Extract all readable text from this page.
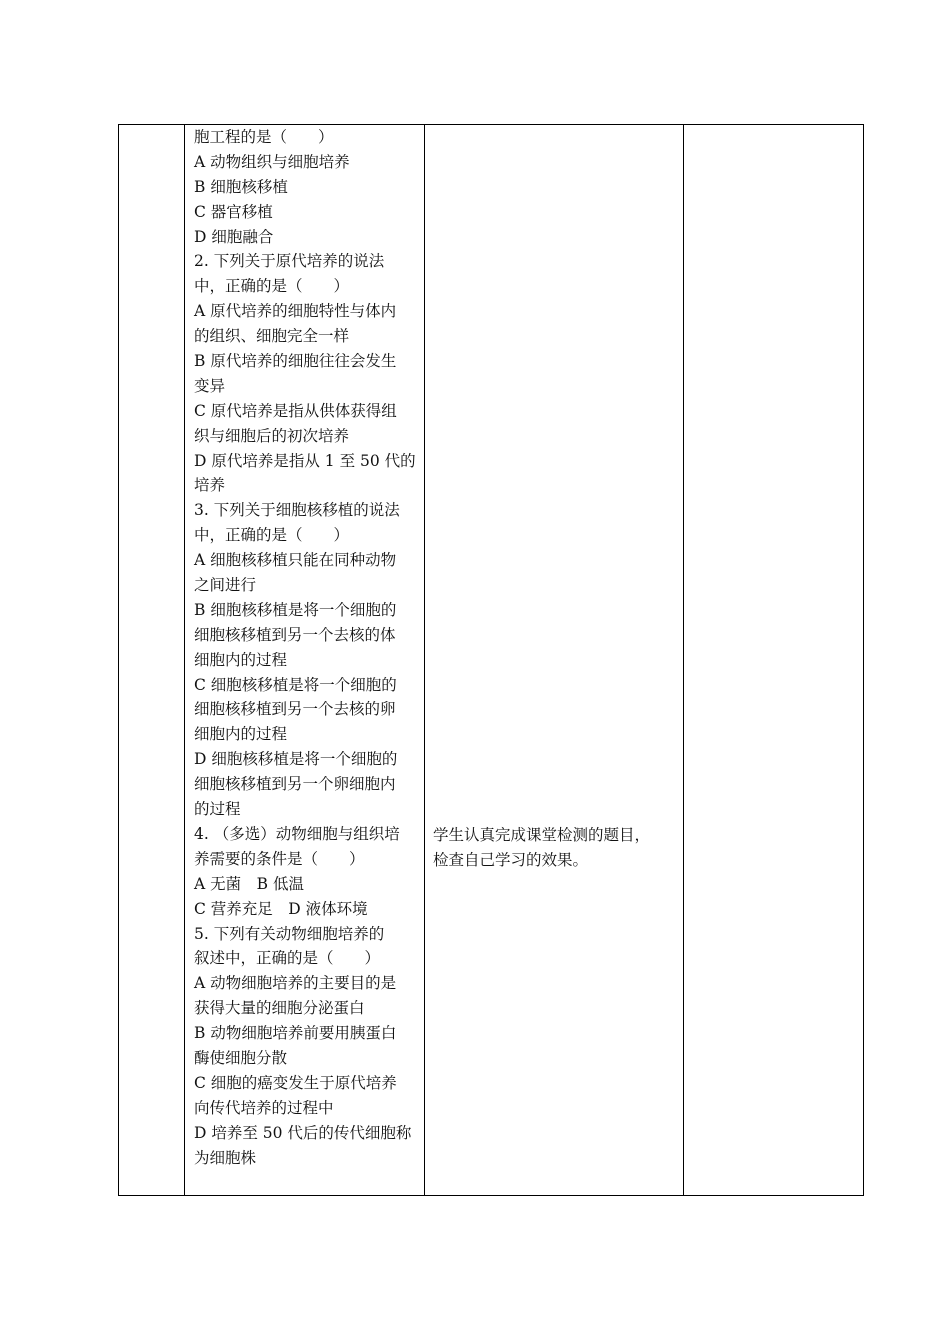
胞工程的是（　　）
A 动物组织与细胞培养
B 细胞核移植
C 器官移植
D 细胞融合
2. 下列关于原代培养的说法
中，正确的是（　　）
A 原代培养的细胞特性与体内
的组织、细胞完全一样
B 原代培养的细胞往往会发生
变异
C 原代培养是指从供体获得组
织与细胞后的初次培养
D 原代培养是指从 1 至 50 代的
培养
3. 下列关于细胞核移植的说法
中，正确的是（　　）
A 细胞核移植只能在同种动物
之间进行
B 细胞核移植是将一个细胞的
细胞核移植到另一个去核的体
细胞内的过程
C 细胞核移植是将一个细胞的
细胞核移植到另一个去核的卵
细胞内的过程
D 细胞核移植是将一个细胞的
细胞核移植到另一个卵细胞内
的过程
4. （多选）动物细胞与组织培
养需要的条件是（　　）
A 无菌　B 低温
C 营养充足　D 液体环境
5. 下列有关动物细胞培养的
叙述中，正确的是（　　）
A 动物细胞培养的主要目的是
获得大量的细胞分泌蛋白
B 动物细胞培养前要用胰蛋白
酶使细胞分散
C 细胞的癌变发生于原代培养
向传代培养的过程中
D 培养至 50 代后的传代细胞称
为细胞株
学生认真完成课堂检测的题目，
检查自己学习的效果。
